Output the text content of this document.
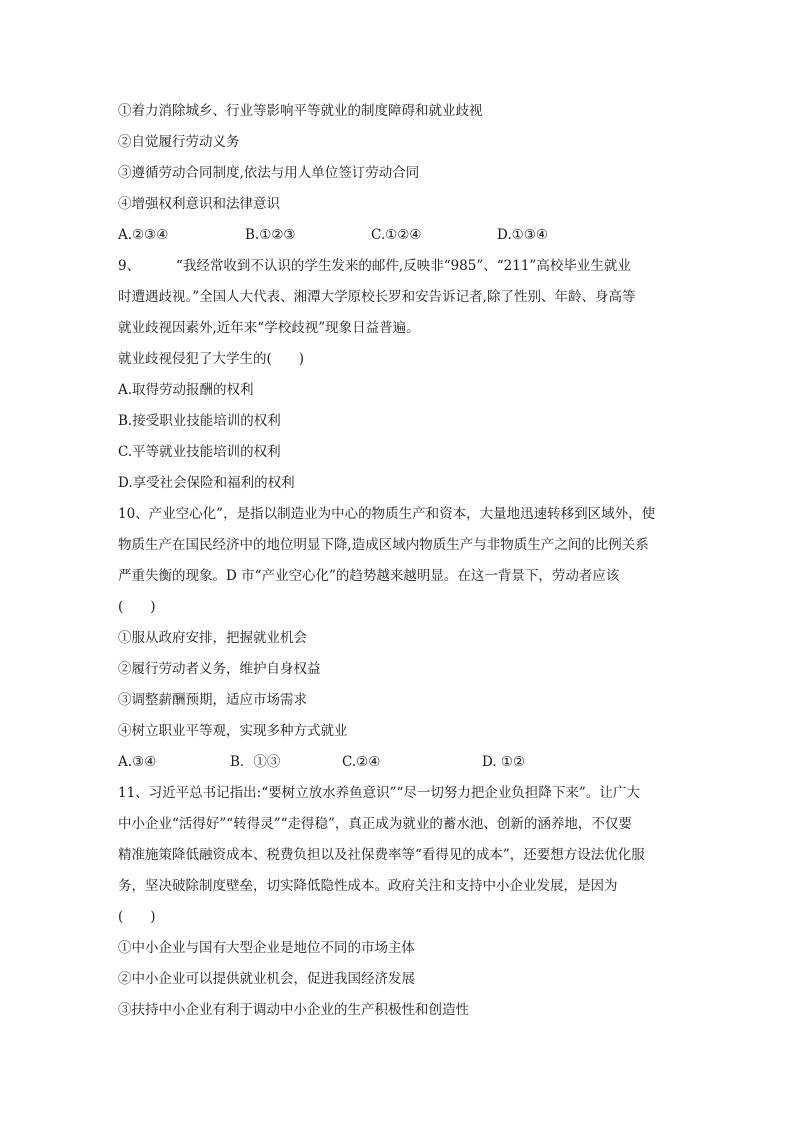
①着力消除城乡、行业等影响平等就业的制度障碍和就业歧视
②自觉履行劳动义务
③遵循劳动合同制度,依法与用人单位签订劳动合同
④增强权利意识和法律意识
A.②③④	B.①②③	C.①②④	D.①③④
9、	“我经常收到不认识的学生发来的邮件,反映非“985”、“211”高校毕业生就业
时遭遇歧视。”全国人大代表、湘潭大学原校长罗和安告诉记者,除了性别、年龄、身高等
就业歧视因素外,近年来“学校歧视”现象日益普遍。
就业歧视侵犯了大学生的(　　)
A.取得劳动报酬的权利
B.接受职业技能培训的权利
C.平等就业技能培训的权利
D.享受社会保险和福利的权利
10、产业空心化”，是指以制造业为中心的物质生产和资本，大量地迅速转移到区域外，使
物质生产在国民经济中的地位明显下降,造成区域内物质生产与非物质生产之间的比例关系
严重失衡的现象。D 市“产业空心化”的趋势越来越明显。在这一背景下，劳动者应该
(　　)
①服从政府安排，把握就业机会
②履行劳动者义务，维护自身权益
③调整薪酬预期，适应市场需求
④树立职业平等观，实现多种方式就业
A.③④	B．①③	C.②④	D. ①②
11、习近平总书记指出:“要树立放水养鱼意识”“尽一切努力把企业负担降下来”。让广大
中小企业“活得好”“转得灵”“走得稳”，真正成为就业的蓄水池、创新的涵养地，不仅要
精准施策降低融资成本、税费负担以及社保费率等“看得见的成本”，还要想方设法优化服
务，坚决破除制度壁垒，切实降低隐性成本。政府关注和支持中小企业发展，是因为
(　　)
①中小企业与国有大型企业是地位不同的市场主体
②中小企业可以提供就业机会，促进我国经济发展
③扶持中小企业有利于调动中小企业的生产积极性和创造性
